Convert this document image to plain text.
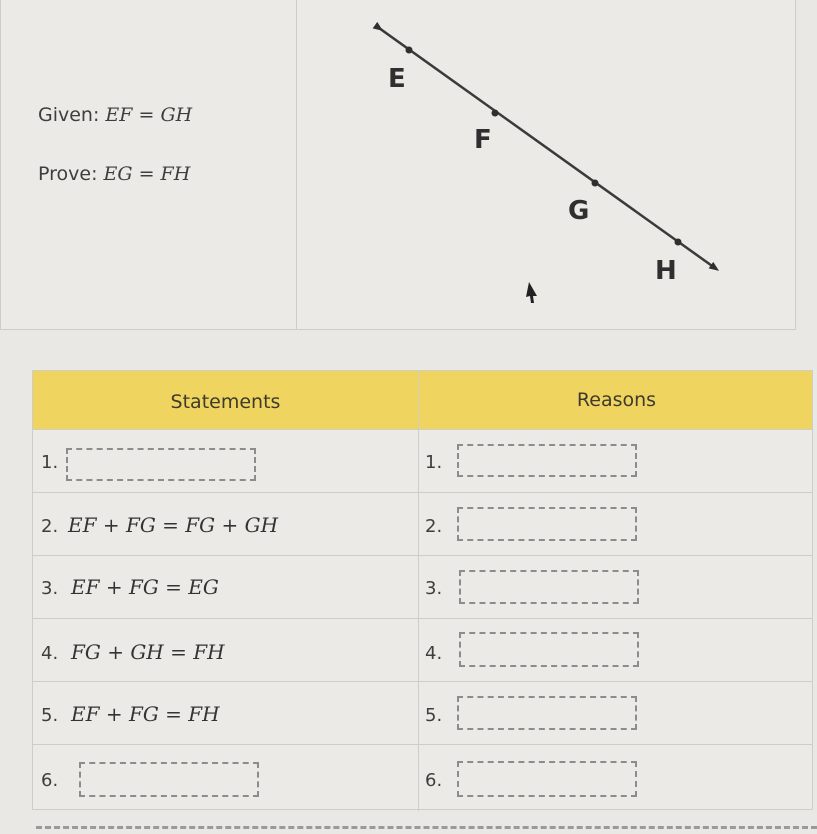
Given: EF = GH
Prove: EG = FH
E
F
G
H
Statements	Reasons
1.	1.
2. EF + FG = FG + GH	2.
3. EF + FG = EG	3.
4. FG + GH = FH	4.
5. EF + FG = FH	5.
6.	6.
